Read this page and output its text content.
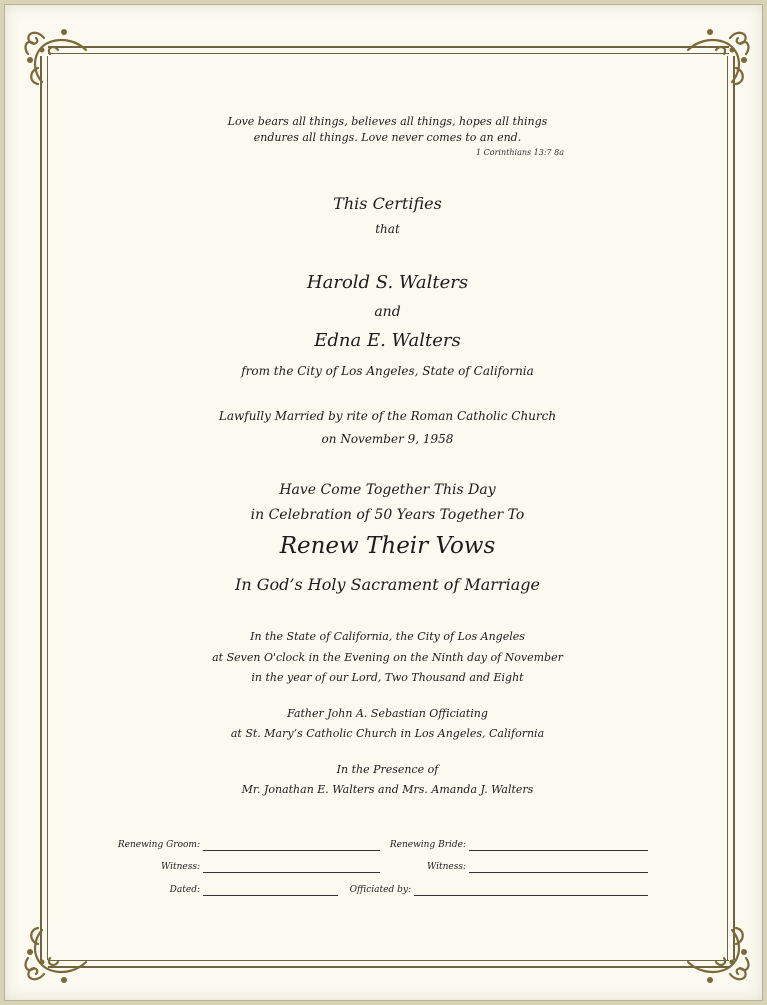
Love bears all things, believes all things, hopes all things
endures all things. Love never comes to an end.
1 Corinthians 13:7 8a
This Certifies
that
Harold S. Walters
and
Edna E. Walters
from the City of Los Angeles, State of California
Lawfully Married by rite of the Roman Catholic Church
on November 9, 1958
Have Come Together This Day
in Celebration of 50 Years Together To
Renew Their Vows
In God’s Holy Sacrament of Marriage
In the State of California, the City of Los Angeles
at Seven O'clock in the Evening on the Ninth day of November
in the year of our Lord, Two Thousand and Eight
Father John A. Sebastian Officiating
at St. Mary’s Catholic Church in Los Angeles, California
In the Presence of
Mr. Jonathan E. Walters and Mrs. Amanda J. Walters
Renewing Groom:	Renewing Bride:
Witness:	Witness:
Dated:	Officiated by:
